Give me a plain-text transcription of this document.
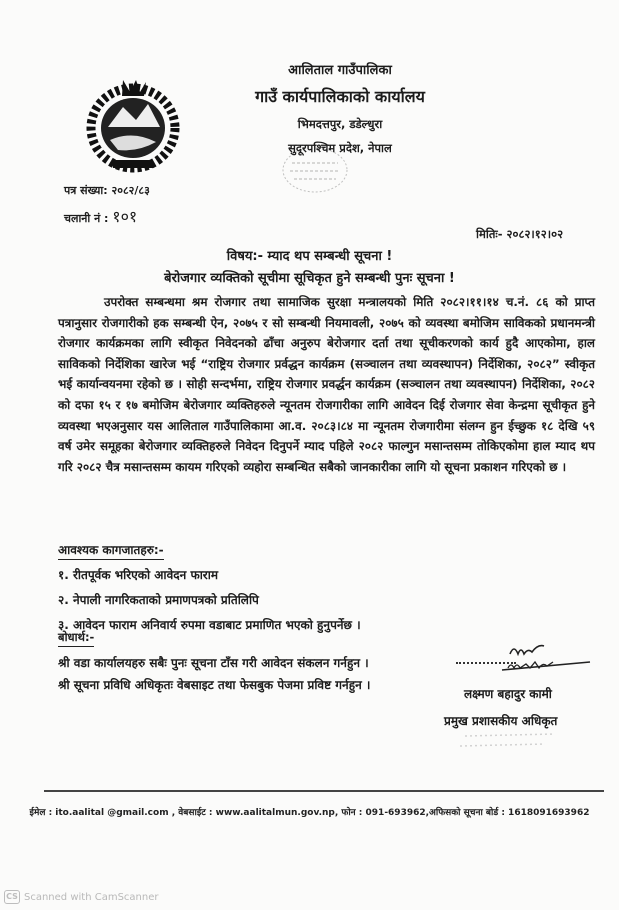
आलिताल गाउँपालिका
गाउँ कार्यपालिकाको कार्यालय
भिमदत्तपुर, डडेल्धुरा
सुदूरपश्चिम प्रदेश, नेपाल
पत्र संख्या: २०८२/८३
चलानी नं : १०१
मितिः- २०८२।१२।०२
विषय:- म्याद थप सम्बन्धी सूचना !
बेरोजगार व्यक्तिको सूचीमा सूचिकृत हुने सम्बन्धी पुनः सूचना !
उपरोक्त सम्बन्धमा श्रम रोजगार तथा सामाजिक सुरक्षा मन्त्रालयको मिति २०८२।११।१४ च.नं. ८६ को प्राप्त पत्रानुसार रोजगारीको हक सम्बन्धी ऐन, २०७५ र सो सम्बन्धी नियमावली, २०७५ को व्यवस्था बमोजिम साविकको प्रधानमन्त्री रोजगार कार्यक्रमका लागि स्वीकृत निवेदनको ढाँचा अनुरुप बेरोजगार दर्ता तथा सूचीकरणको कार्य हुदै आएकोमा, हाल साविकको निर्देशिका खारेज भई “राष्ट्रिय रोजगार प्रर्वद्धन कार्यक्रम (सञ्चालन तथा व्यवस्थापन) निर्देशिका, २०८२” स्वीकृत भई कार्यान्वयनमा रहेको छ । सोही सन्दर्भमा, राष्ट्रिय रोजगार प्रवर्द्धन कार्यक्रम (सञ्चालन तथा व्यवस्थापन) निर्देशिका, २०८२ को दफा १५ र १७ बमोजिम बेरोजगार व्यक्तिहरुले न्यूनतम रोजगारीका लागि आवेदन दिई रोजगार सेवा केन्द्रमा सूचीकृत हुने व्यवस्था भएअनुसार यस आलिताल गाउँपालिकामा आ.व. २०८३।८४ मा न्यूनतम रोजगारीमा संलग्न हुन ईच्छुक १८ देखि ५९ वर्ष उमेर समूहका बेरोजगार व्यक्तिहरुले निवेदन दिनुपर्ने म्याद पहिले २०८२ फाल्गुन मसान्तसम्म तोकिएकोमा हाल म्याद थप गरि २०८२ चैत्र मसान्तसम्म कायम गरिएको व्यहोरा सम्बन्धित सबैको जानकारीका लागि यो सूचना प्रकाशन गरिएको छ ।
आवश्यक कागजातहरु:-
१. रीतपूर्वक भरिएको आवेदन फाराम
२. नेपाली नागरिकताको प्रमाणपत्रको प्रतिलिपि
३. आवेदन फाराम अनिवार्य रुपमा वडाबाट प्रमाणित भएको हुनुपर्नेछ ।
बोधार्थ:-
श्री वडा कार्यालयहरु सबैः पुनः सूचना टाँस गरी आवेदन संकलन गर्नहुन ।
श्री सूचना प्रविधि अधिकृतः वेबसाइट तथा फेसबुक पेजमा प्रविष्ट गर्नहुन ।
लक्ष्मण बहादुर कामी
प्रमुख प्रशासकीय अधिकृत
ईमेल : ito.aalital @gmail.com , वेबसाईट : www.aalitalmun.gov.np, फोन : 091-693962,अफिसको सूचना बोर्ड : 1618091693962
CS Scanned with CamScanner
